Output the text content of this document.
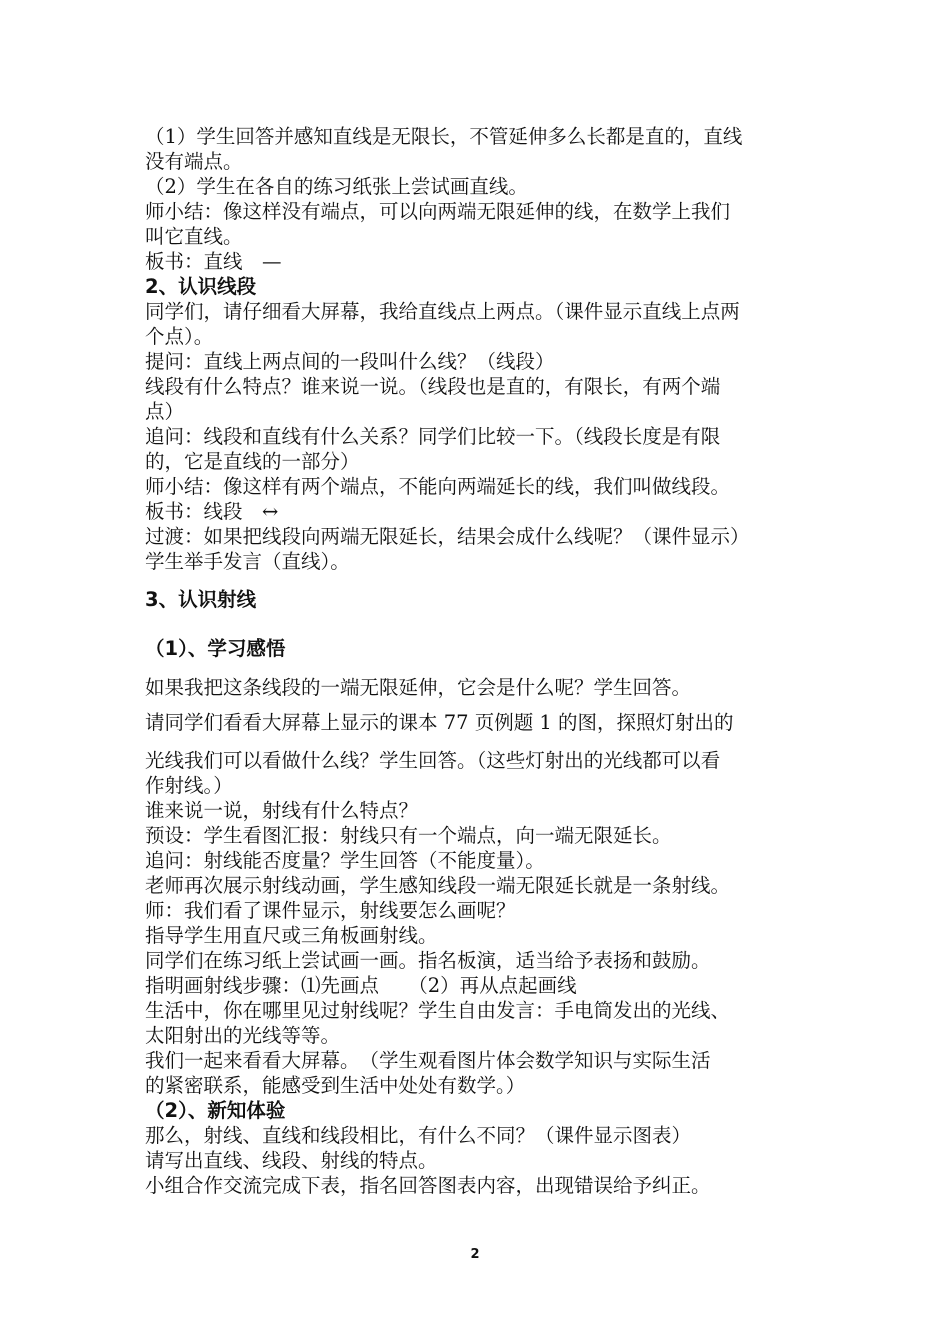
（1）学生回答并感知直线是无限长，不管延伸多么长都是直的，直线
没有端点。
（2）学生在各自的练习纸张上尝试画直线。
师小结：像这样没有端点，可以向两端无限延伸的线，在数学上我们
叫它直线。
板书：直线　—
2、认识线段
同学们，请仔细看大屏幕，我给直线点上两点。（课件显示直线上点两
个点）。
提问：直线上两点间的一段叫什么线？（线段）
线段有什么特点？谁来说一说。（线段也是直的，有限长，有两个端
点）
追问：线段和直线有什么关系？同学们比较一下。（线段长度是有限
的，它是直线的一部分）
师小结：像这样有两个端点，不能向两端延长的线，我们叫做线段。
板书：线段　↔
过渡：如果把线段向两端无限延长，结果会成什么线呢？（课件显示）
学生举手发言（直线）。
3、认识射线
（1）、学习感悟
如果我把这条线段的一端无限延伸，它会是什么呢？学生回答。
请同学们看看大屏幕上显示的课本 77 页例题 1 的图，探照灯射出的
光线我们可以看做什么线？学生回答。（这些灯射出的光线都可以看
作射线。）
谁来说一说，射线有什么特点？
预设：学生看图汇报：射线只有一个端点，向一端无限延长。
追问：射线能否度量？学生回答（不能度量）。
老师再次展示射线动画，学生感知线段一端无限延长就是一条射线。
师：我们看了课件显示，射线要怎么画呢？
指导学生用直尺或三角板画射线。
同学们在练习纸上尝试画一画。指名板演，适当给予表扬和鼓励。
指明画射线步骤：⑴先画点　　（2）再从点起画线
生活中，你在哪里见过射线呢？学生自由发言：手电筒发出的光线、
太阳射出的光线等等。
我们一起来看看大屏幕。　（学生观看图片体会数学知识与实际生活
的紧密联系，能感受到生活中处处有数学。）
（2）、新知体验
那么，射线、直线和线段相比，有什么不同？（课件显示图表）
请写出直线、线段、射线的特点。
小组合作交流完成下表，指名回答图表内容，出现错误给予纠正。
2
